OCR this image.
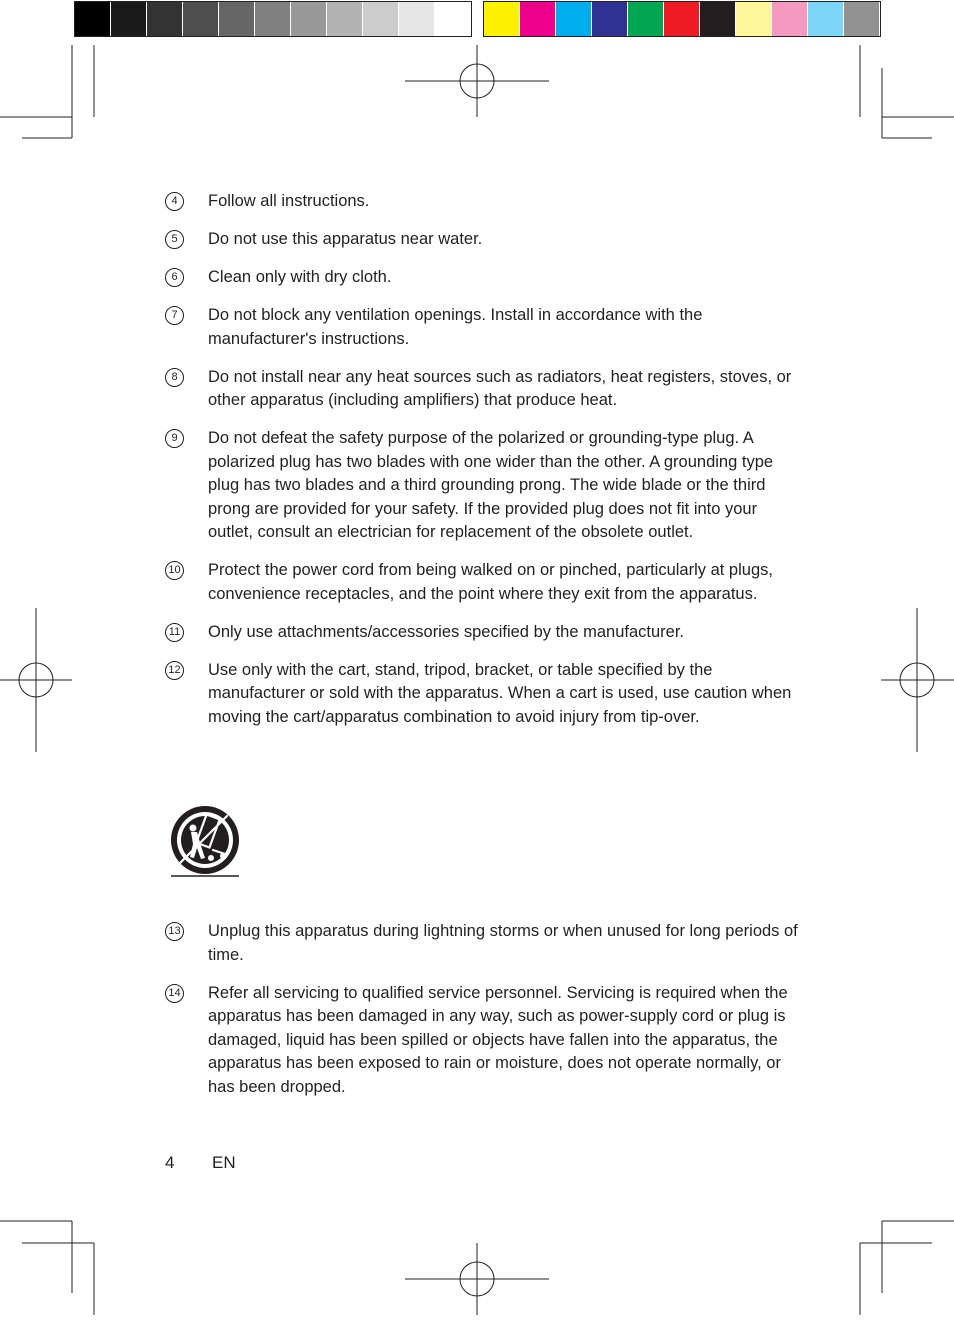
4	Follow all instructions.
5	Do not use this apparatus near water.
6	Clean only with dry cloth.
7	Do not block any ventilation openings. Install in accordance with the manufacturer's instructions.
8	Do not install near any heat sources such as radiators, heat registers, stoves, or other apparatus (including amplifiers) that produce heat.
9	Do not defeat the safety purpose of the polarized or grounding-type plug. A polarized plug has two blades with one wider than the other. A grounding type plug has two blades and a third grounding prong. The wide blade or the third prong are provided for your safety. If the provided plug does not fit into your outlet, consult an electrician for replacement of the obsolete outlet.
10 Protect the power cord from being walked on or pinched, particularly at plugs, convenience receptacles, and the point where they exit from the apparatus.
11 Only use attachments/accessories specified by the manufacturer.
12 Use only with the cart, stand, tripod, bracket, or table specified by the manufacturer or sold with the apparatus. When a cart is used, use caution when moving the cart/apparatus combination to avoid injury from tip-over.
13 Unplug this apparatus during lightning storms or when unused for long periods of time.
14 Refer all servicing to qualified service personnel. Servicing is required when the apparatus has been damaged in any way, such as power-supply cord or plug is damaged, liquid has been spilled or objects have fallen into the apparatus, the apparatus has been exposed to rain or moisture, does not operate normally, or has been dropped.
4 EN
